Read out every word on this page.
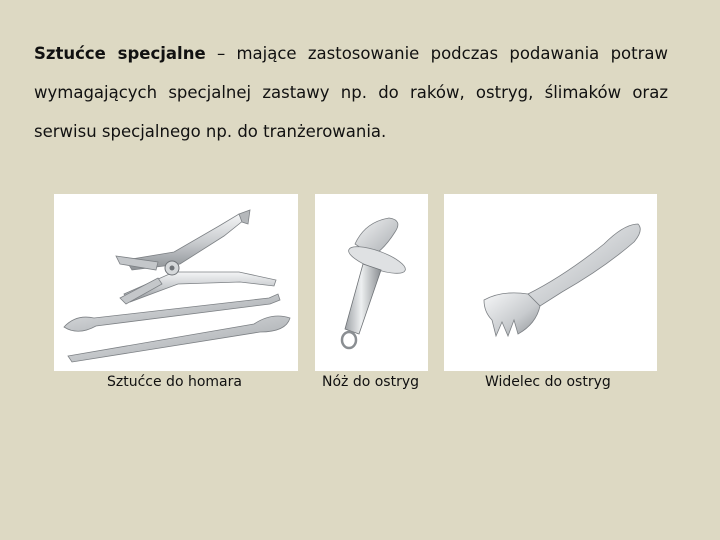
Sztućce specjalne – mające zastosowanie podczas podawania potraw
wymagających specjalnej zastawy np. do raków, ostryg, ślimaków oraz
serwisu specjalnego np. do tranżerowania.

Sztućce do homara	Nóż do ostryg	Widelec do ostryg
